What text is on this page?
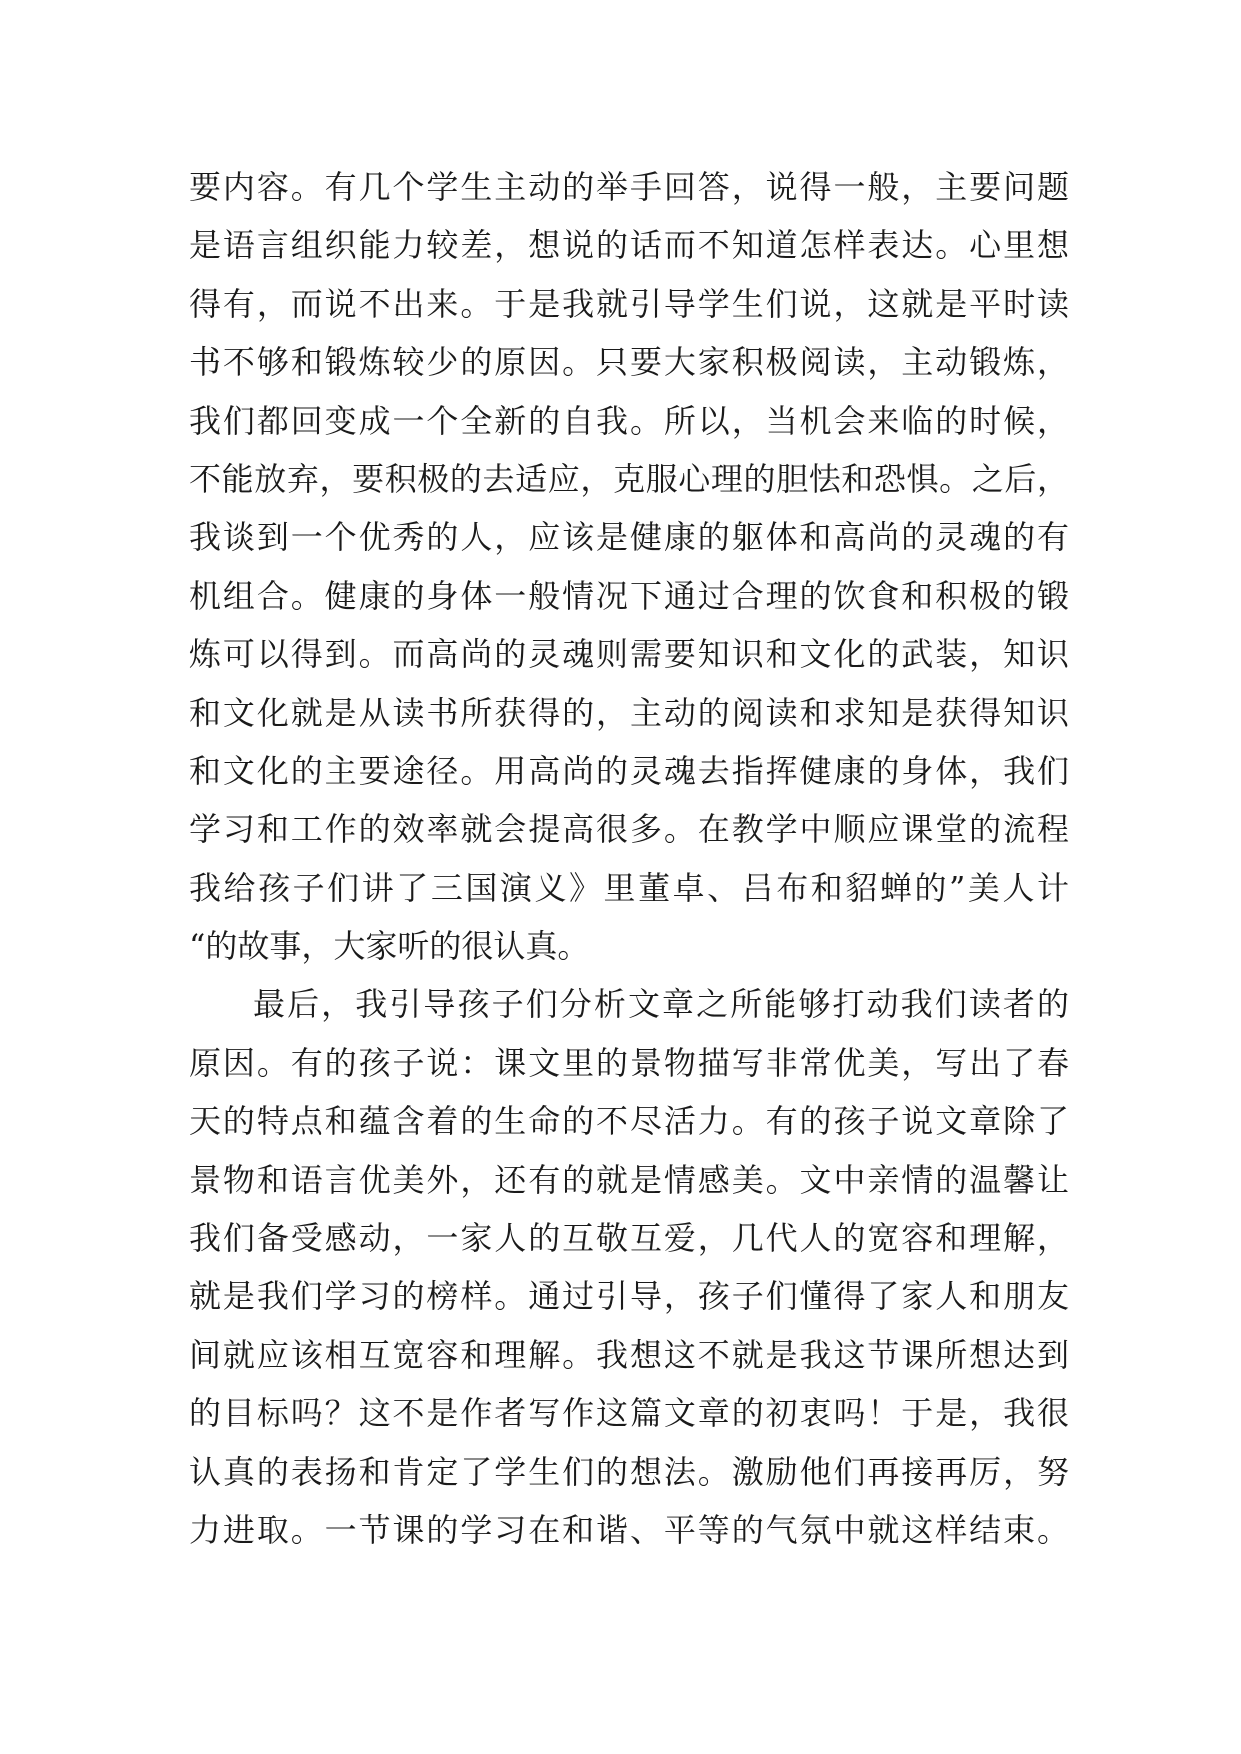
要内容。有几个学生主动的举手回答，说得一般，主要问题
是语言组织能力较差，想说的话而不知道怎样表达。心里想
得有，而说不出来。于是我就引导学生们说，这就是平时读
书不够和锻炼较少的原因。只要大家积极阅读，主动锻炼，
我们都回变成一个全新的自我。所以，当机会来临的时候，
不能放弃，要积极的去适应，克服心理的胆怯和恐惧。之后，
我谈到一个优秀的人，应该是健康的躯体和高尚的灵魂的有
机组合。健康的身体一般情况下通过合理的饮食和积极的锻
炼可以得到。而高尚的灵魂则需要知识和文化的武装，知识
和文化就是从读书所获得的，主动的阅读和求知是获得知识
和文化的主要途径。用高尚的灵魂去指挥健康的身体，我们
学习和工作的效率就会提高很多。在教学中顺应课堂的流程
我给孩子们讲了三国演义》里董卓、吕布和貂蝉的”美人计
“的故事，大家听的很认真。
最后，我引导孩子们分析文章之所能够打动我们读者的
原因。有的孩子说：课文里的景物描写非常优美，写出了春
天的特点和蕴含着的生命的不尽活力。有的孩子说文章除了
景物和语言优美外，还有的就是情感美。文中亲情的温馨让
我们备受感动，一家人的互敬互爱，几代人的宽容和理解，
就是我们学习的榜样。通过引导，孩子们懂得了家人和朋友
间就应该相互宽容和理解。我想这不就是我这节课所想达到
的目标吗？这不是作者写作这篇文章的初衷吗！于是，我很
认真的表扬和肯定了学生们的想法。激励他们再接再厉，努
力进取。一节课的学习在和谐、平等的气氛中就这样结束。
